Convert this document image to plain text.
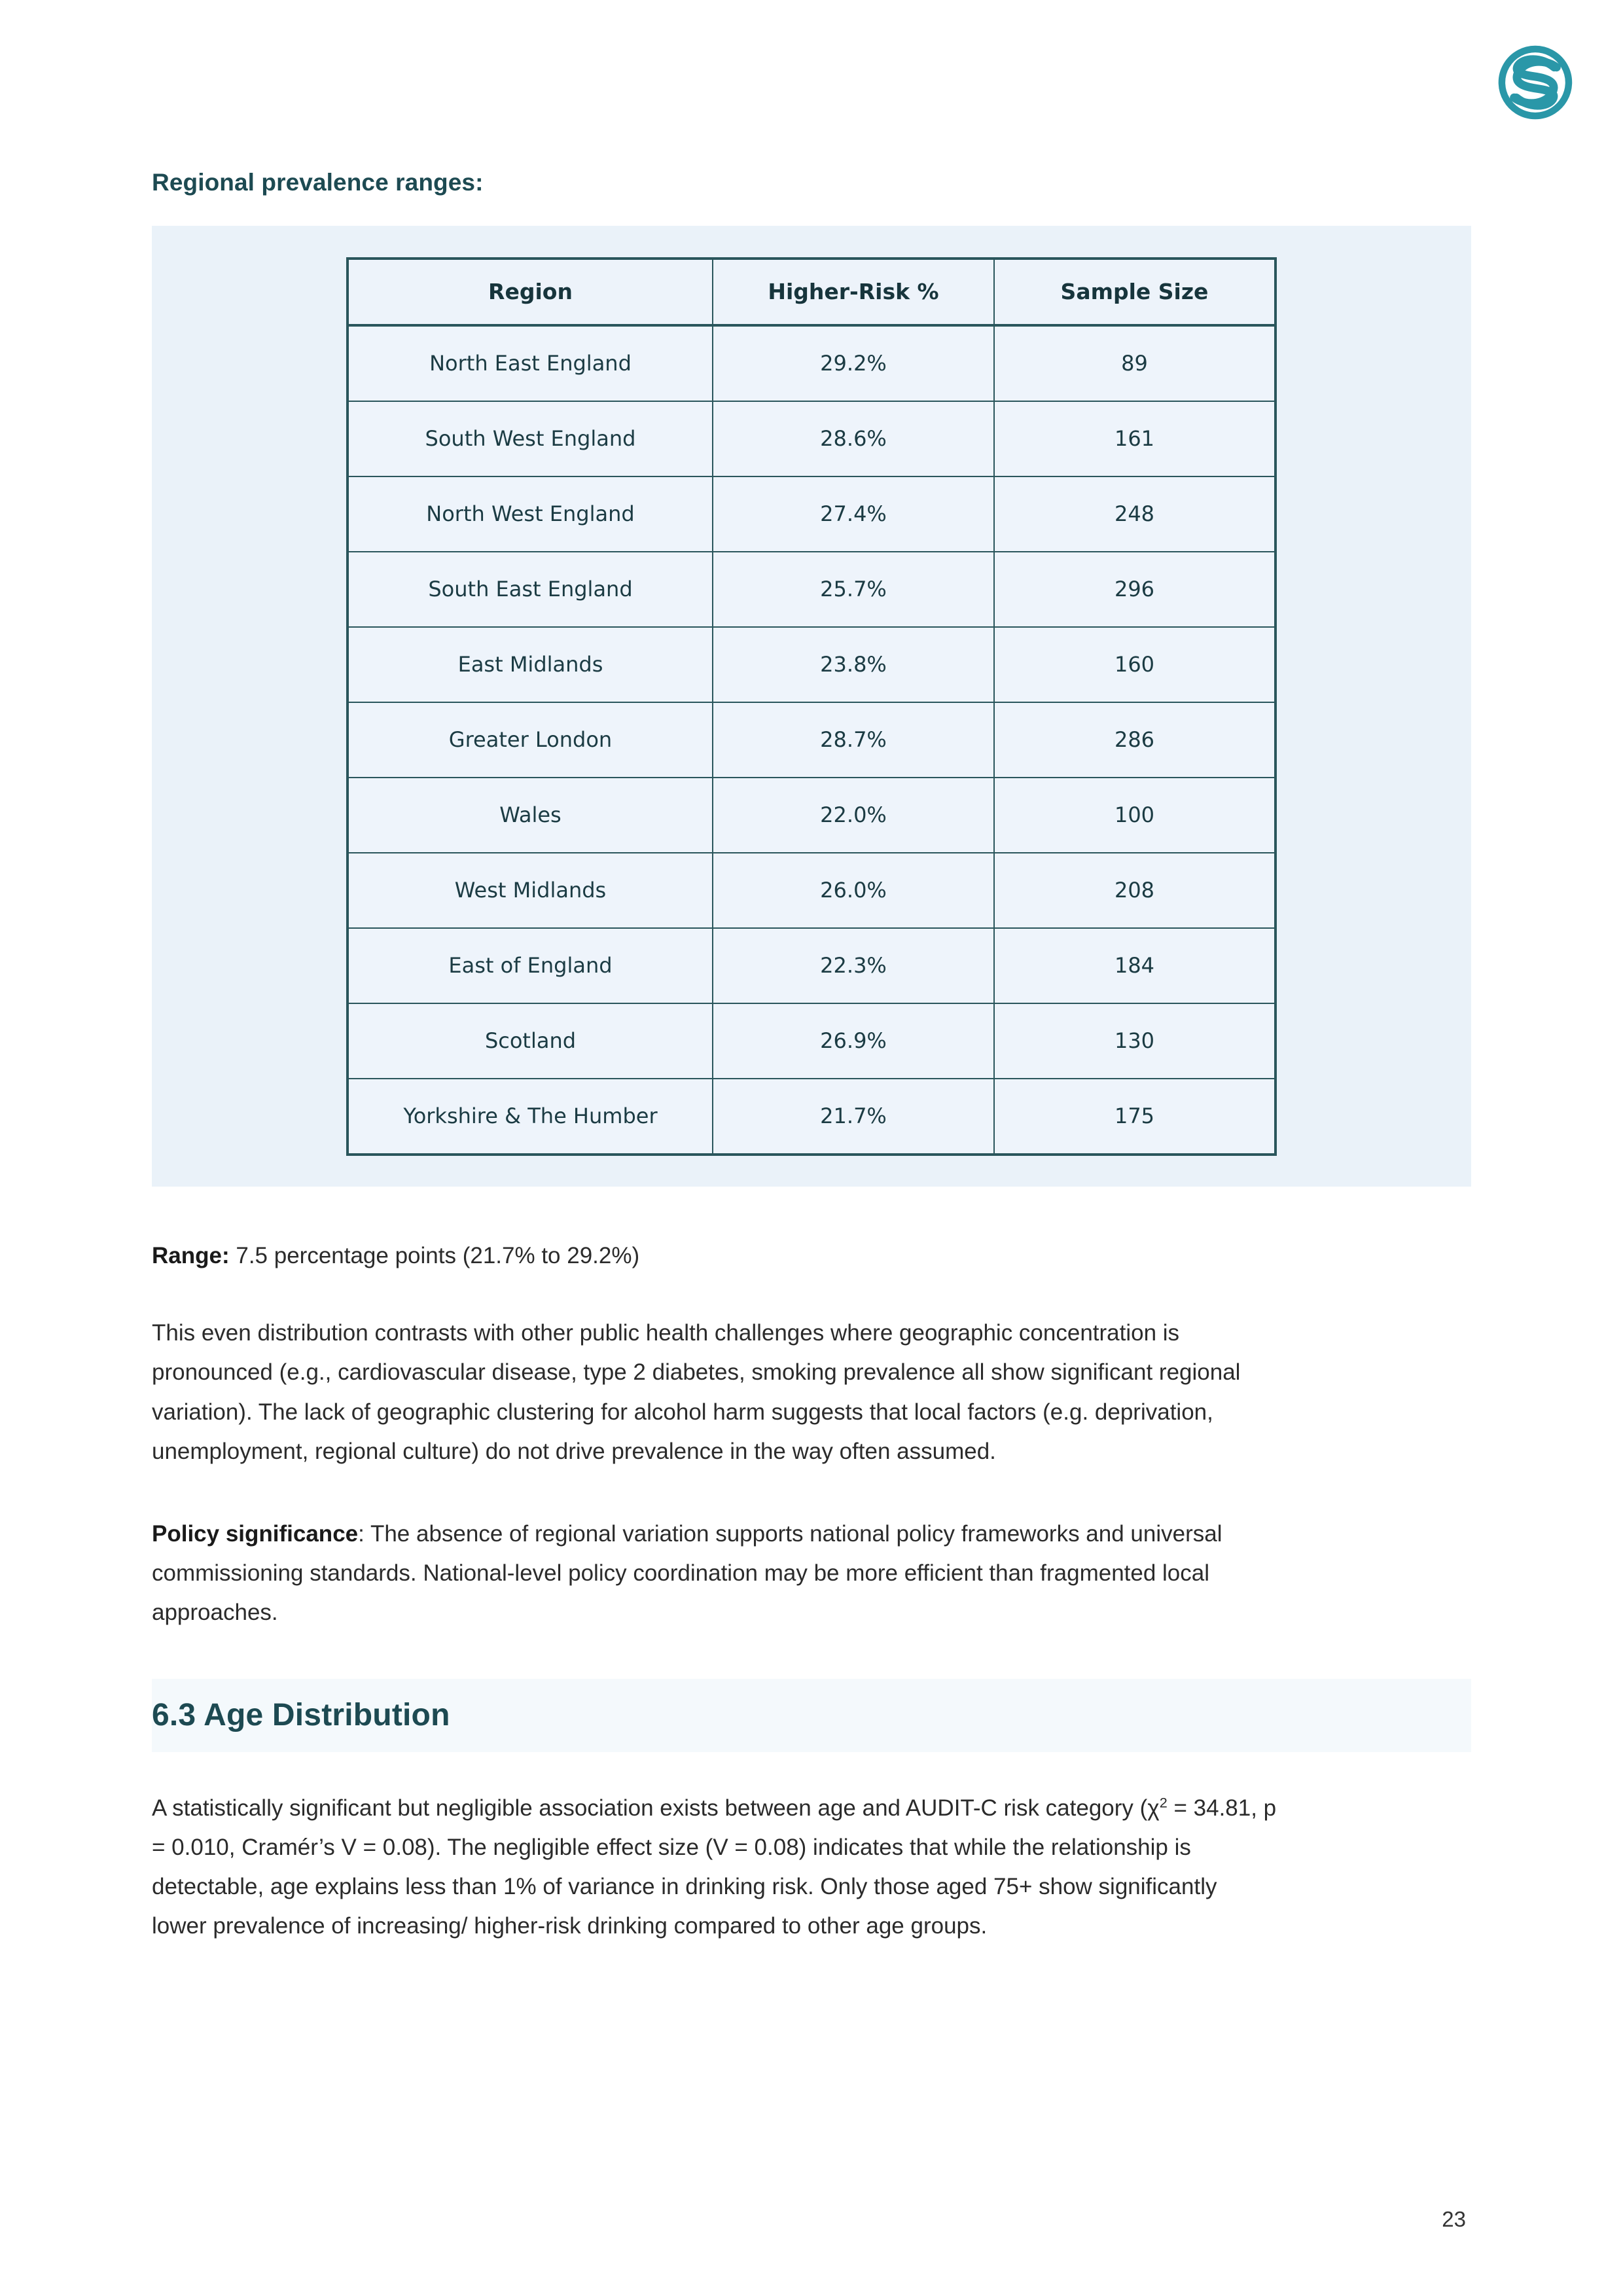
Regional prevalence ranges:
Region	Higher-Risk %	Sample Size
North East England	29.2%	89
South West England	28.6%	161
North West England	27.4%	248
South East England	25.7%	296
East Midlands	23.8%	160
Greater London	28.7%	286
Wales	22.0%	100
West Midlands	26.0%	208
East of England	22.3%	184
Scotland	26.9%	130
Yorkshire & The Humber	21.7%	175
Range: 7.5 percentage points (21.7% to 29.2%)
This even distribution contrasts with other public health challenges where geographic concentration is pronounced (e.g., cardiovascular disease, type 2 diabetes, smoking prevalence all show significant regional variation). The lack of geographic clustering for alcohol harm suggests that local factors (e.g. deprivation, unemployment, regional culture) do not drive prevalence in the way often assumed.
Policy significance: The absence of regional variation supports national policy frameworks and universal commissioning standards. National-level policy coordination may be more efficient than fragmented local approaches.
6.3 Age Distribution
A statistically significant but negligible association exists between age and AUDIT-C risk category ($\chi^2 = 34.81$, p = 0.010, Cramér’s V = 0.08). The negligible effect size (V = 0.08) indicates that while the relationship is detectable, age explains less than 1% of variance in drinking risk. Only those aged 75+ show significantly lower prevalence of increasing/ higher-risk drinking compared to other age groups.
23
